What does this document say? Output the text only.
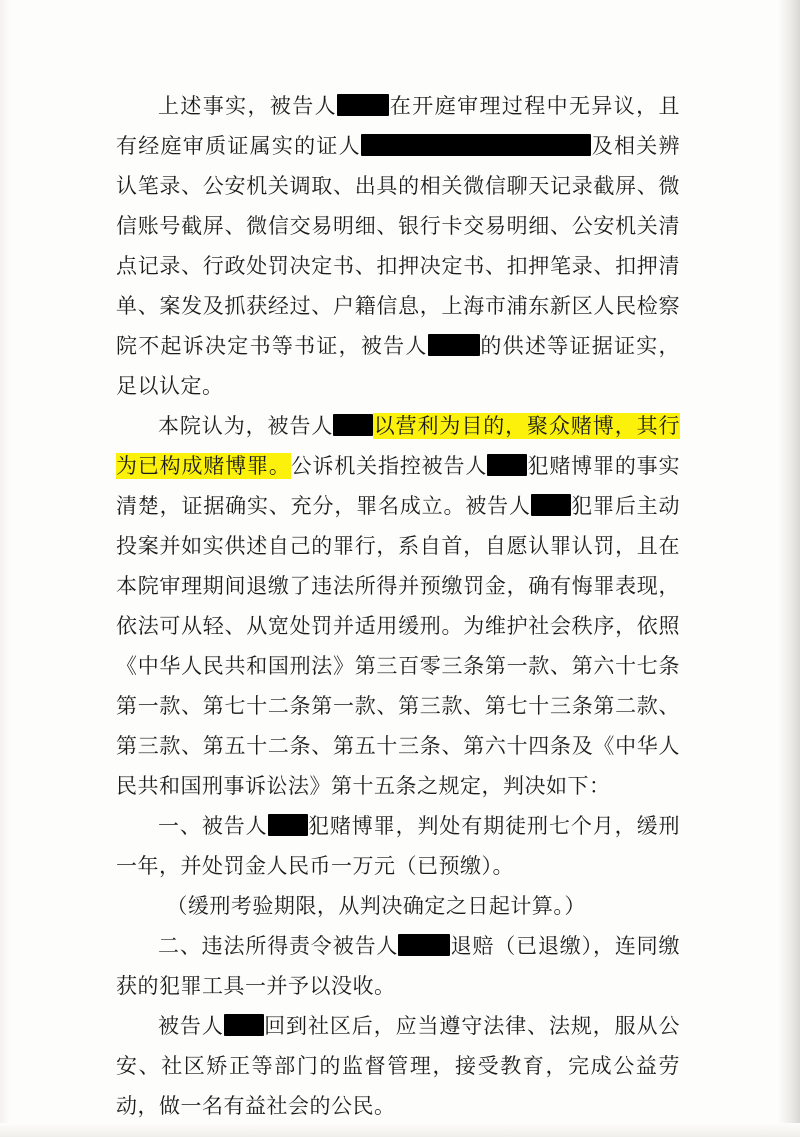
上述事实，被告人 在开庭审理过程中无异议，且有经庭审质证属实的证人	及相关辨认笔录、公安机关调取、出具的相关微信聊天记录截屏、微信账号截屏、微信交易明细、银行卡交易明细、公安机关清点记录、行政处罚决定书、扣押决定书、扣押笔录、扣押清单、案发及抓获经过、户籍信息，上海市浦东新区人民检察院不起诉决定书等书证，被告人 的供述等证据证实，足以认定。

本院认为，被告人 以营利为目的，聚众赌博，其行为已构成赌博罪。公诉机关指控被告人 犯赌博罪的事实清楚，证据确实、充分，罪名成立。被告人 犯罪后主动投案并如实供述自己的罪行，系自首，自愿认罪认罚，且在本院审理期间退缴了违法所得并预缴罚金，确有悔罪表现，依法可从轻、从宽处罚并适用缓刑。为维护社会秩序，依照《中华人民共和国刑法》第三百零三条第一款、第六十七条第一款、第七十二条第一款、第三款、第七十三条第二款、第三款、第五十二条、第五十三条、第六十四条及《中华人民共和国刑事诉讼法》第十五条之规定，判决如下：

一、被告人 犯赌博罪，判处有期徒刑七个月，缓刑一年，并处罚金人民币一万元（已预缴）。

（缓刑考验期限，从判决确定之日起计算。）

二、违法所得责令被告人 退赔（已退缴），连同缴获的犯罪工具一并予以没收。

被告人 回到社区后，应当遵守法律、法规，服从公安、社区矫正等部门的监督管理，接受教育，完成公益劳动，做一名有益社会的公民。
